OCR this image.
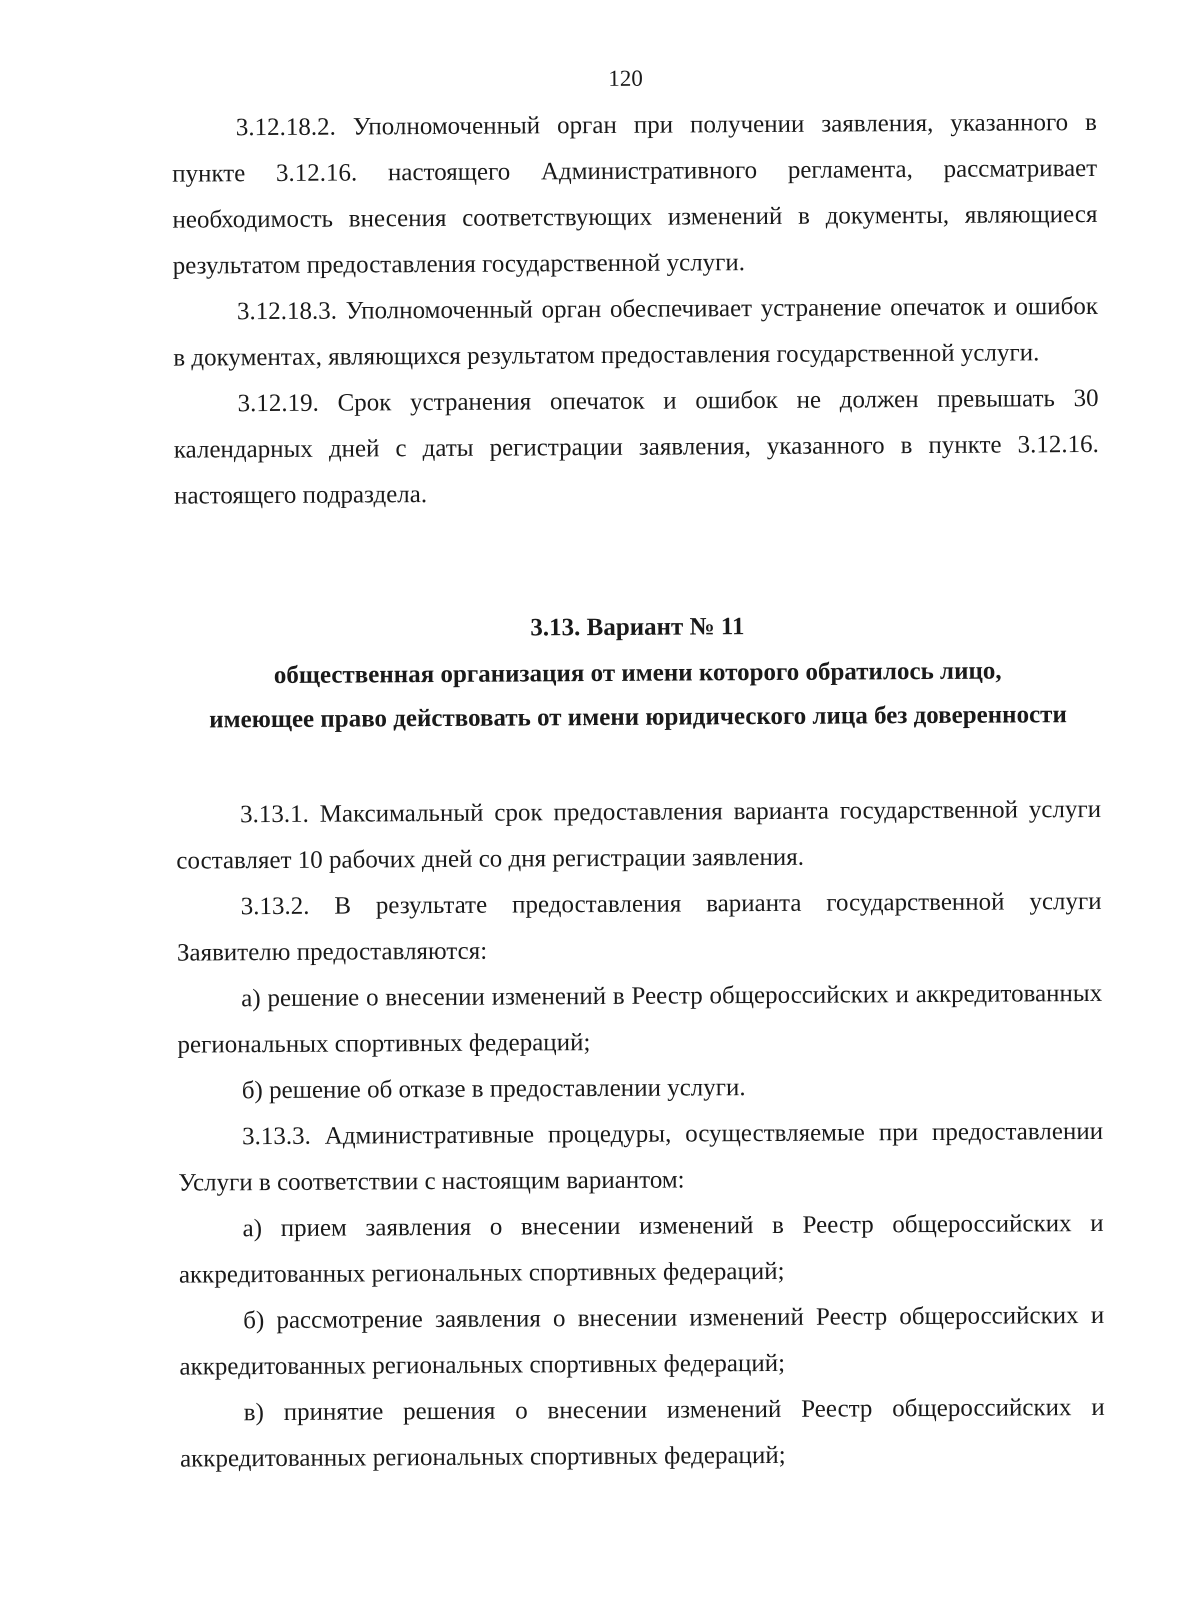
120

3.12.18.2. Уполномоченный орган при получении заявления, указанного в пункте 3.12.16. настоящего Административного регламента, рассматривает необходимость внесения соответствующих изменений в документы, являющиеся результатом предоставления государственной услуги.

3.12.18.3. Уполномоченный орган обеспечивает устранение опечаток и ошибок в документах, являющихся результатом предоставления государственной услуги.

3.12.19. Срок устранения опечаток и ошибок не должен превышать 30 календарных дней с даты регистрации заявления, указанного в пункте 3.12.16. настоящего подраздела.

3.13. Вариант № 11
общественная организация от имени которого обратилось лицо,
имеющее право действовать от имени юридического лица без доверенности

3.13.1. Максимальный срок предоставления варианта государственной услуги составляет 10 рабочих дней со дня регистрации заявления.

3.13.2. В результате предоставления варианта государственной услуги Заявителю предоставляются:

а) решение о внесении изменений в Реестр общероссийских и аккредитованных региональных спортивных федераций;

б) решение об отказе в предоставлении услуги.

3.13.3. Административные процедуры, осуществляемые при предоставлении Услуги в соответствии с настоящим вариантом:

а) прием заявления о внесении изменений в Реестр общероссийских и аккредитованных региональных спортивных федераций;

б) рассмотрение заявления о внесении изменений Реестр общероссийских и аккредитованных региональных спортивных федераций;

в) принятие решения о внесении изменений Реестр общероссийских и аккредитованных региональных спортивных федераций;
